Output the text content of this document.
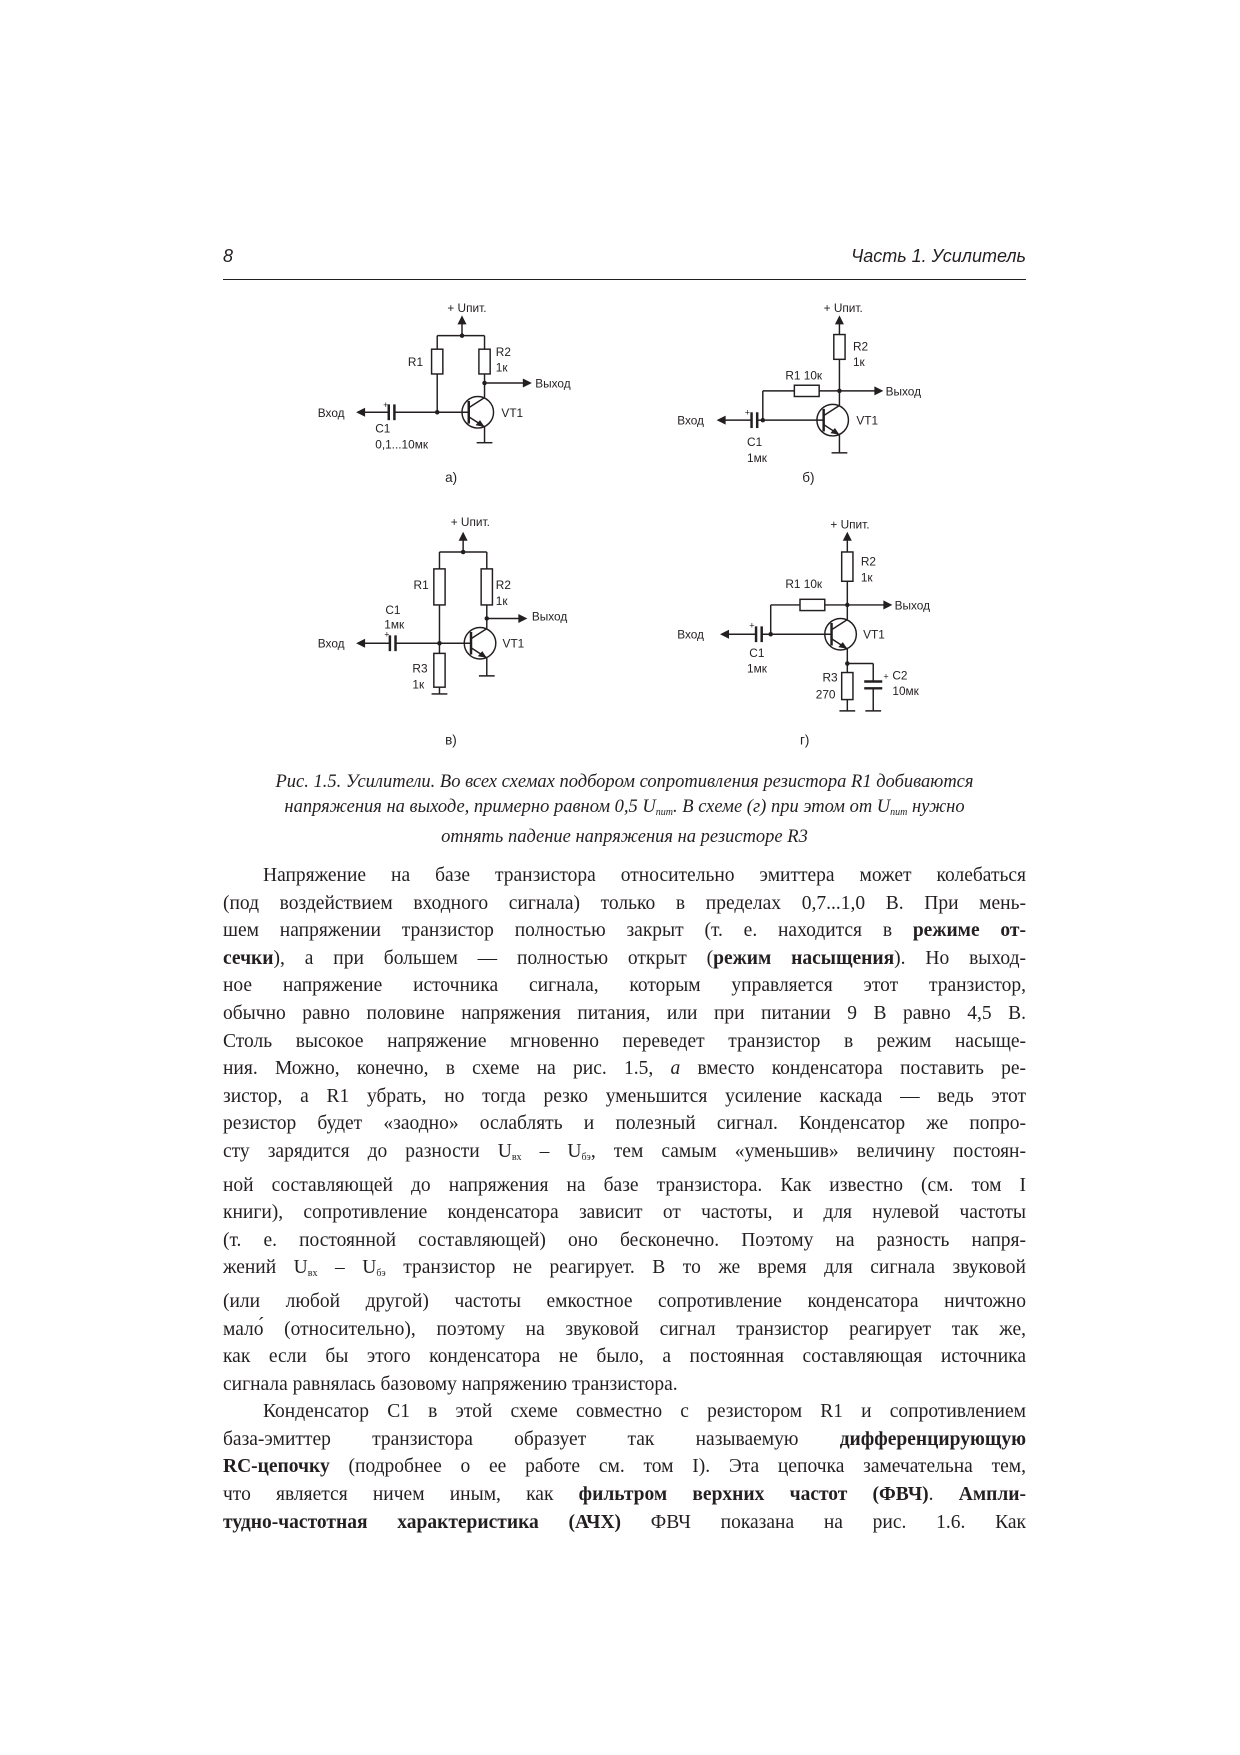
8	Часть 1. Усилитель
+ Uпит.
Выход
R1
R2
1к
+
Вход
C1
0,1...10мк
VT1
а)
+ Uпит.
Выход
R2
1к
R1 10к
+
Вход
C1
1мк
VT1
б)
+ Uпит.
Выход
+
Вход
C1
1мк
R1	R2
1к
R3
1к
VT1
в)
+ Uпит.
Выход
R2
1к
R1 10к
+
Вход
C1
1мк
VT1
+ C2
10мк
R3
270
г)
Рис. 1.5. Усилители. Во всех схемах подбором сопротивления резистора R1 добиваются
напряжения на выходе, примерно равном 0,5 $U_{пит}$. В схеме (г) при этом от $U_{пит}$ нужно
отнять падение напряжения на резисторе R3
Напряжение на базе транзистора относительно эмиттера может колебаться
(под воздействием входного сигнала) только в пределах 0,7...1,0 В. При мень-
шем напряжении транзистор полностью закрыт (т. е. находится в режиме от-
сечки), а при большем — полностью открыт (режим насыщения). Но выход-
ное напряжение источника сигнала, которым управляется этот транзистор,
обычно равно половине напряжения питания, или при питании 9 В равно 4,5 В.
Столь высокое напряжение мгновенно переведет транзистор в режим насыще-
ния. Можно, конечно, в схеме на рис. 1.5, а вместо конденсатора поставить ре-
зистор, а R1 убрать, но тогда резко уменьшится усиление каскада — ведь этот
резистор будет «заодно» ослаблять и полезный сигнал. Конденсатор же попро-
сту зарядится до разности $U_{вх} - U_{бэ}$, тем самым «уменьшив» величину постоян-
ной составляющей до напряжения на базе транзистора. Как известно (см. том I
книги), сопротивление конденсатора зависит от частоты, и для нулевой частоты
(т. е. постоянной составляющей) оно бесконечно. Поэтому на разность напря-
жений $U_{вх} - U_{бэ}$ транзистор не реагирует. В то же время для сигнала звуковой
(или любой другой) частоты емкостное сопротивление конденсатора ничтожно
мало́ (относительно), поэтому на звуковой сигнал транзистор реагирует так же,
как если бы этого конденсатора не было, а постоянная составляющая источника
сигнала равнялась базовому напряжению транзистора.
Конденсатор C1 в этой схеме совместно с резистором R1 и сопротивлением
база-эмиттер транзистора образует так называемую дифференцирующую
RC-цепочку (подробнее о ее работе см. том I). Эта цепочка замечательна тем,
что является ничем иным, как фильтром верхних частот (ФВЧ). Ампли-
тудно-частотная характеристика (АЧХ) ФВЧ показана на рис. 1.6. Как
